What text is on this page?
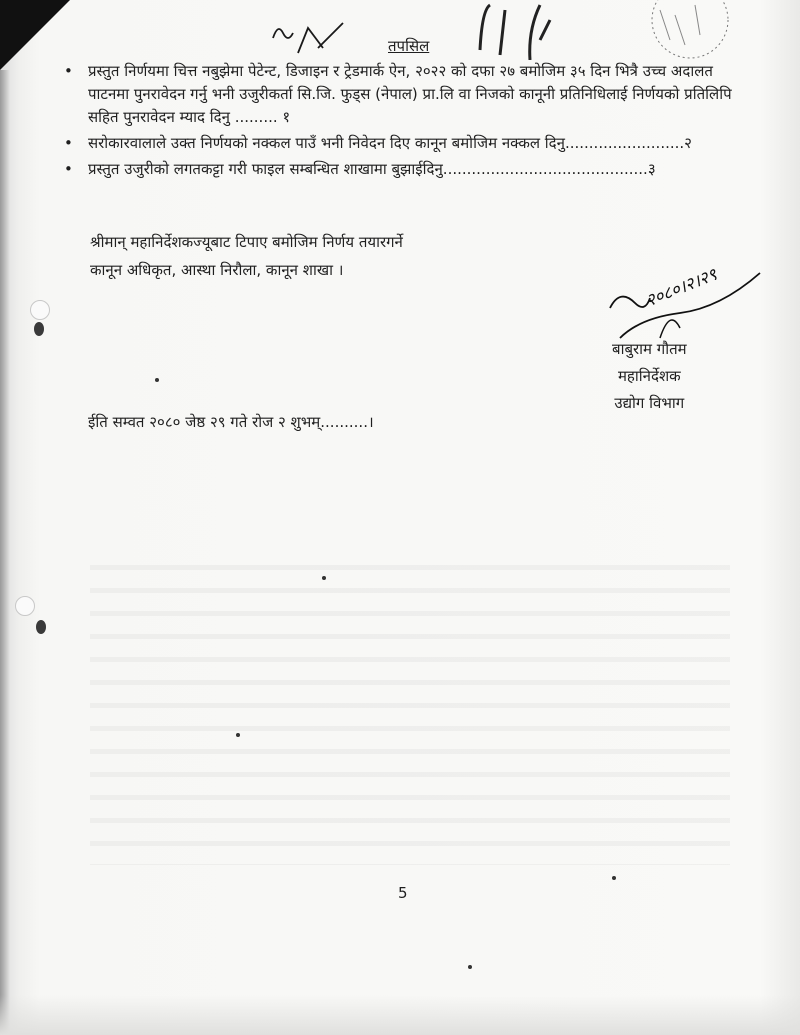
तपसिल
• प्रस्तुत निर्णयमा चित्त नबुझेमा पेटेन्ट, डिजाइन र ट्रेडमार्क ऐन, २०२२ को दफा २७ बमोजिम ३५ दिन भित्रै उच्च अदालत पाटनमा पुनरावेदन गर्नु भनी उजुरीकर्ता सि.जि. फुड्स (नेपाल) प्रा.लि वा निजको कानूनी प्रतिनिधिलाई निर्णयको प्रतिलिपि सहित पुनरावेदन म्याद दिनु ......... १
• सरोकारवालाले उक्त निर्णयको नक्कल पाउँ भनी निवेदन दिए कानून बमोजिम नक्कल दिनु.........................२
• प्रस्तुत उजुरीको लगतकट्टा गरी फाइल सम्बन्धित शाखामा बुझाईदिनु...........................................३
श्रीमान् महानिर्देशकज्यूबाट टिपाए बमोजिम निर्णय तयारगर्ने
कानून अधिकृत, आस्था निरौला, कानून शाखा ।	२०८०।२।२९
बाबुराम गौतम
महानिर्देशक
उद्योग विभाग
ईति सम्वत २०८० जेष्ठ २९ गते रोज २ शुभम्..........।
5
